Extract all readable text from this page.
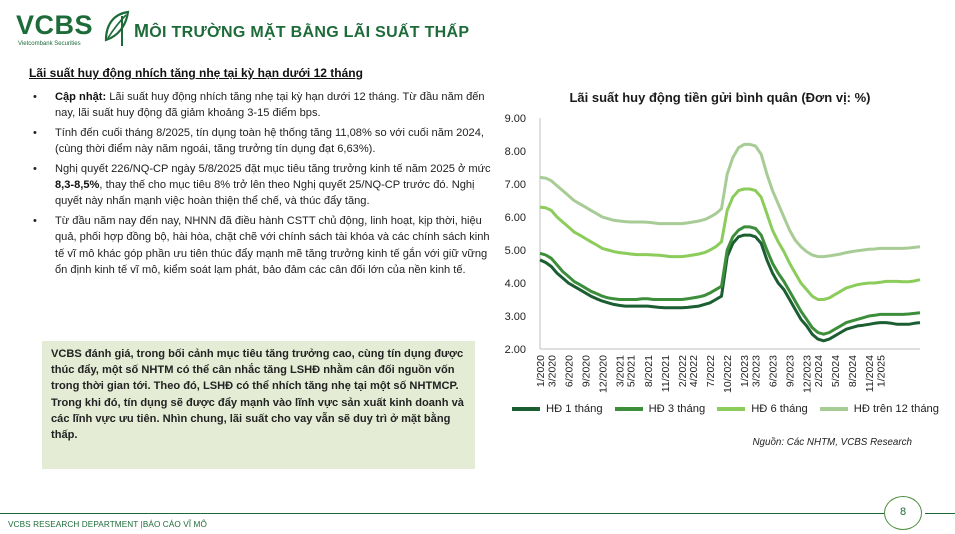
VCBS
Vietcombank Securities
MÔI TRƯỜNG MẶT BẰNG LÃI SUẤT THẤP
Lãi suất huy động nhích tăng nhẹ tại kỳ hạn dưới 12 tháng
• Cập nhật: Lãi suất huy động nhích tăng nhẹ tại kỳ hạn dưới 12 tháng. Từ đầu năm đến nay, lãi suất huy động đã giảm khoảng 3-15 điểm bps.
• Tính đến cuối tháng 8/2025, tín dụng toàn hệ thống tăng 11,08% so với cuối năm 2024, (cùng thời điểm này năm ngoái, tăng trưởng tín dụng đạt 6,63%).
• Nghị quyết 226/NQ-CP ngày 5/8/2025 đặt mục tiêu tăng trưởng kinh tế năm 2025 ở mức 8,3-8,5%, thay thế cho mục tiêu 8% trở lên theo Nghị quyết 25/NQ-CP trước đó. Nghị quyết này nhấn mạnh việc hoàn thiện thể chế, và thúc đẩy tăng.
• Từ đầu năm nay đến nay, NHNN đã điều hành CSTT chủ động, linh hoạt, kịp thời, hiệu quả, phối hợp đồng bộ, hài hòa, chặt chẽ với chính sách tài khóa và các chính sách kinh tế vĩ mô khác góp phần ưu tiên thúc đẩy mạnh mẽ tăng trưởng kinh tế gắn với giữ vững ổn định kinh tế vĩ mô, kiểm soát lạm phát, bảo đảm các cân đối lớn của nền kinh tế.

VCBS đánh giá, trong bối cảnh mục tiêu tăng trưởng cao, cùng tín dụng được thúc đẩy, một số NHTM có thể cân nhắc tăng LSHĐ nhằm cân đối nguồn vốn trong thời gian tới. Theo đó, LSHĐ có thể nhích tăng nhẹ tại một số NHTMCP.

Trong khi đó, tín dụng sẽ được đẩy mạnh vào lĩnh vực sản xuất kinh doanh và các lĩnh vực ưu tiên. Nhìn chung, lãi suất cho vay vẫn sẽ duy trì ở mặt bằng thấp.

Lãi suất huy động tiền gửi bình quân (Đơn vị: %)
9.00
8.00
7.00
6.00
5.00
4.00
3.00
2.00
1/2020 3/2020 6/2020 9/2020 12/2020 3/2021 5/2021 8/2021 11/2021 2/2022 4/2022 7/2022 10/2022 1/2023 3/2023 6/2023 9/2023 12/2023 2/2024 5/2024 8/2024 11/2024 1/2025
HĐ 1 tháng	HĐ 3 tháng	HĐ 6 tháng	HĐ trên 12 tháng
Nguồn: Các NHTM, VCBS Research
VCBS RESEARCH DEPARTMENT |BÁO CÁO VĨ MÔ
8
